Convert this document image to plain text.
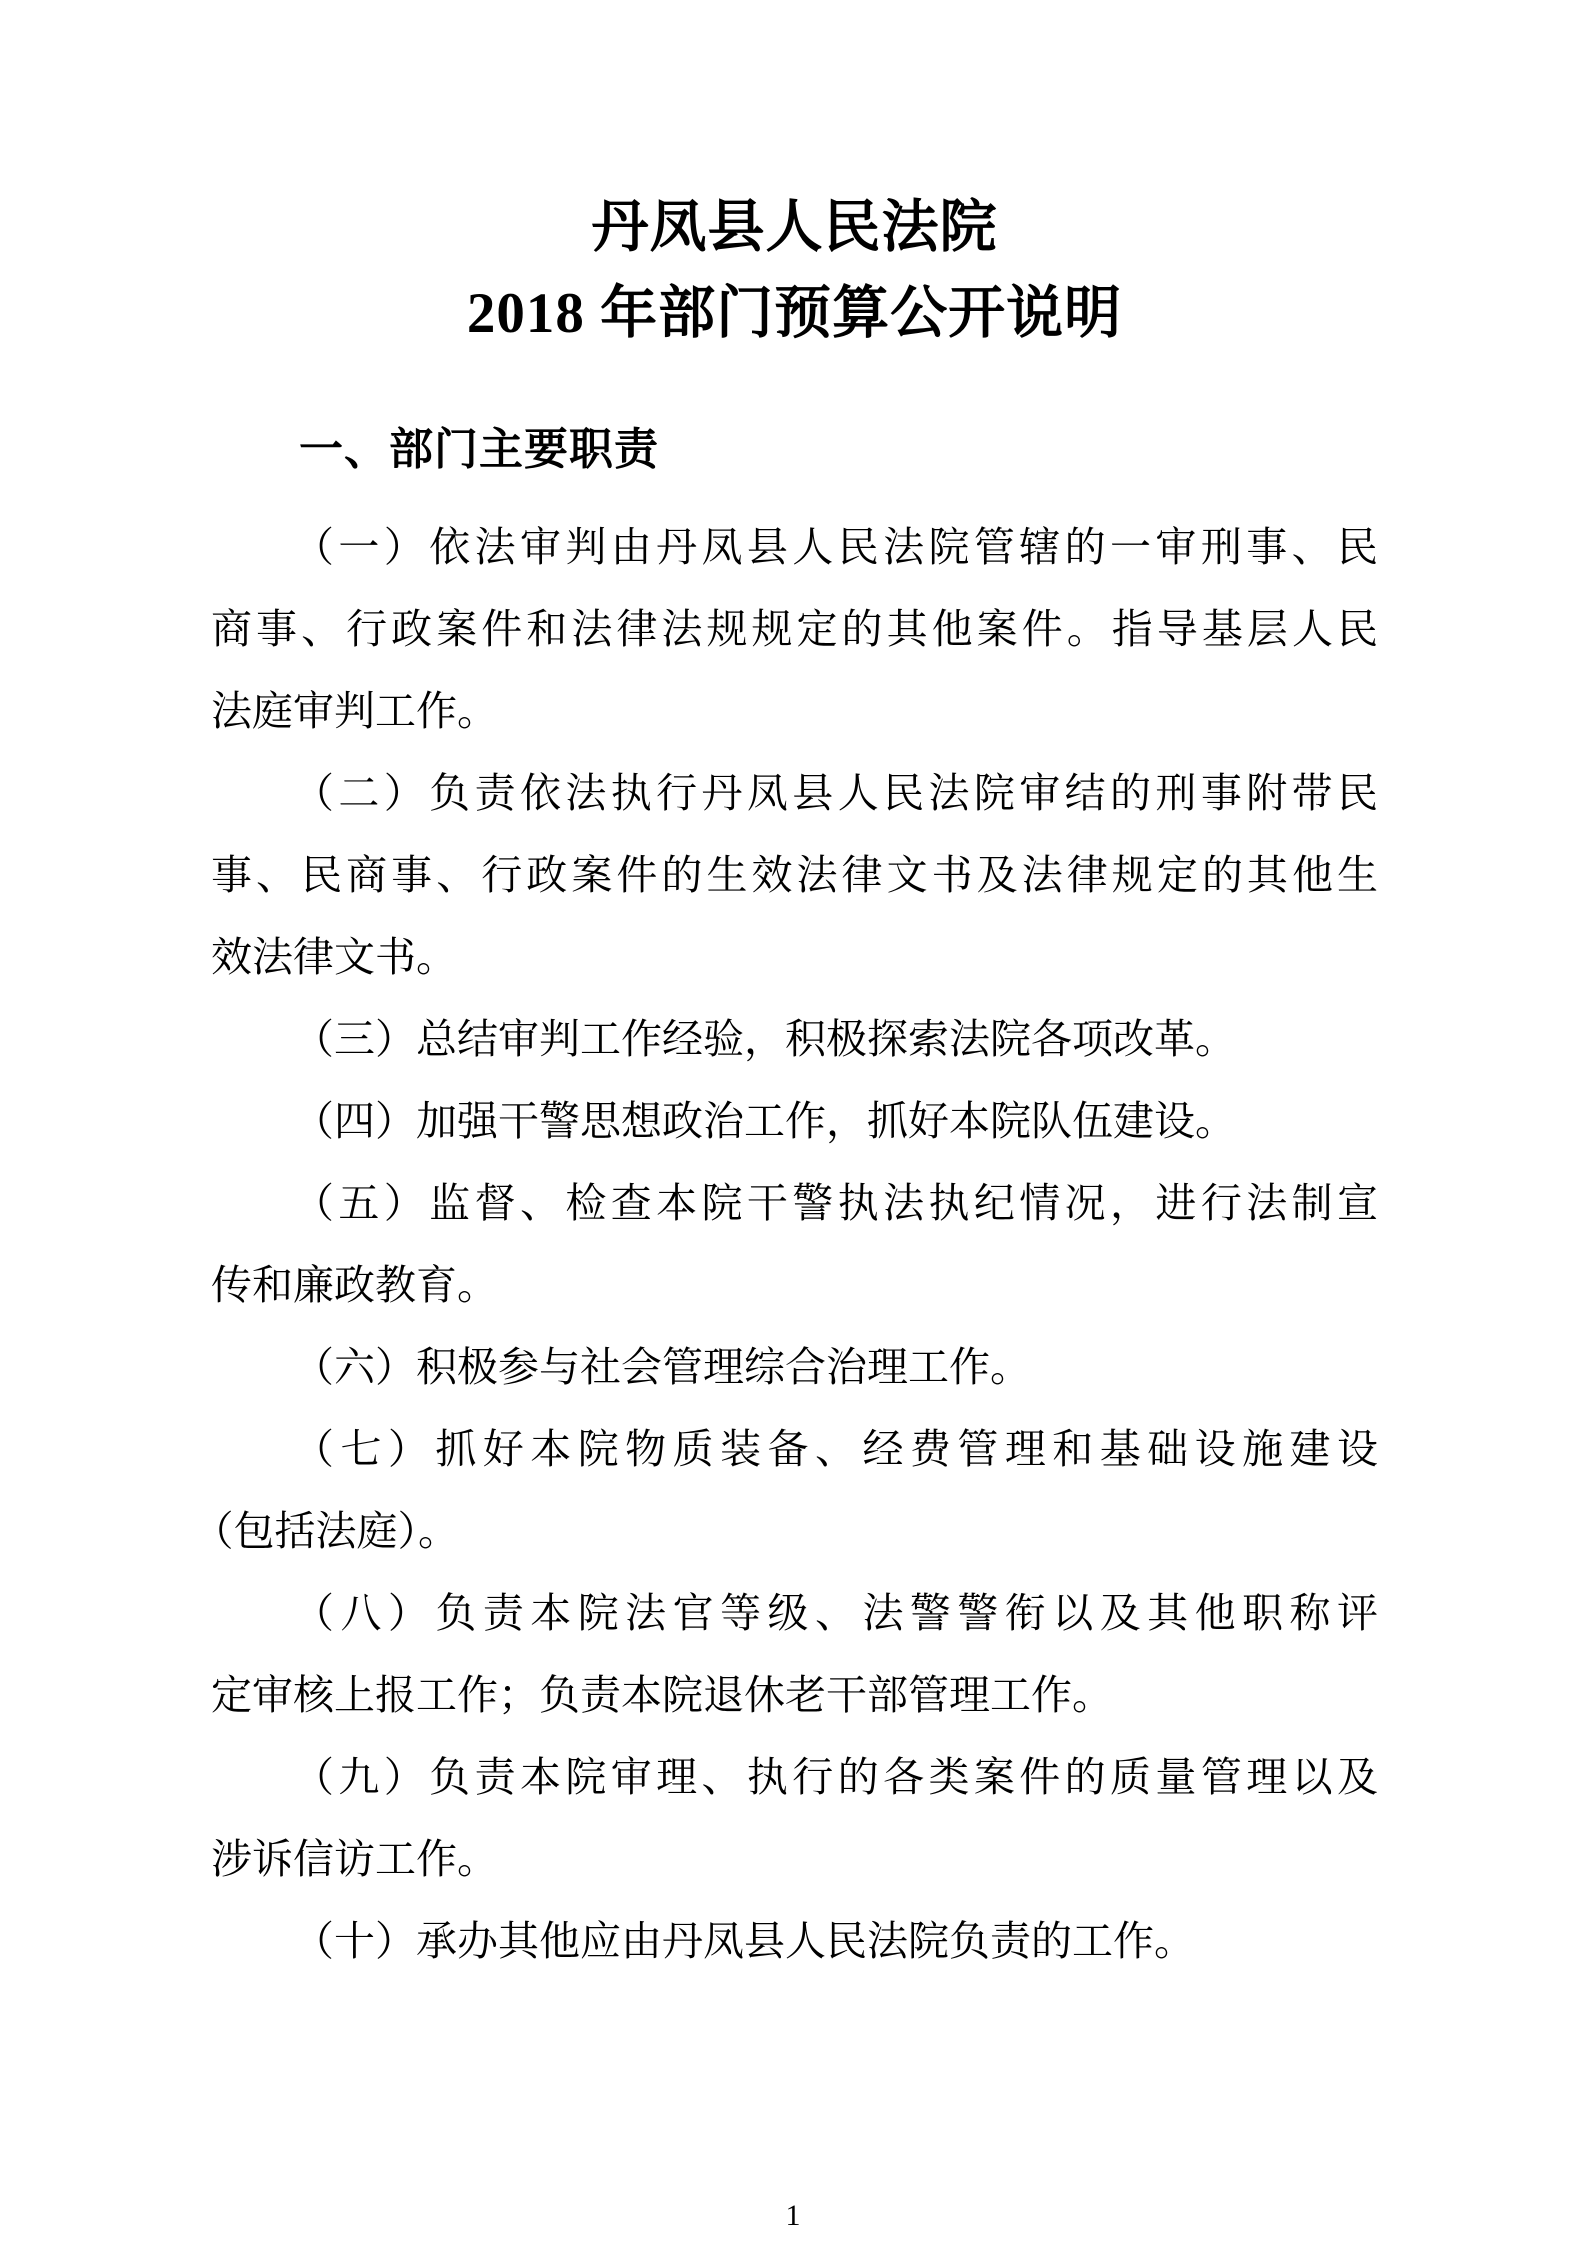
丹凤县人民法院
2018 年部门预算公开说明
一、部门主要职责
（一）依法审判由丹凤县人民法院管辖的一审刑事、民
商事、行政案件和法律法规规定的其他案件。指导基层人民
法庭审判工作。
（二）负责依法执行丹凤县人民法院审结的刑事附带民
事、民商事、行政案件的生效法律文书及法律规定的其他生
效法律文书。
（三）总结审判工作经验，积极探索法院各项改革。
（四）加强干警思想政治工作，抓好本院队伍建设。
（五）监督、检查本院干警执法执纪情况，进行法制宣
传和廉政教育。
（六）积极参与社会管理综合治理工作。
（七）抓好本院物质装备、经费管理和基础设施建设
（包括法庭）。
（八）负责本院法官等级、法警警衔以及其他职称评
定审核上报工作；负责本院退休老干部管理工作。
（九）负责本院审理、执行的各类案件的质量管理以及
涉诉信访工作。
（十）承办其他应由丹凤县人民法院负责的工作。
1
